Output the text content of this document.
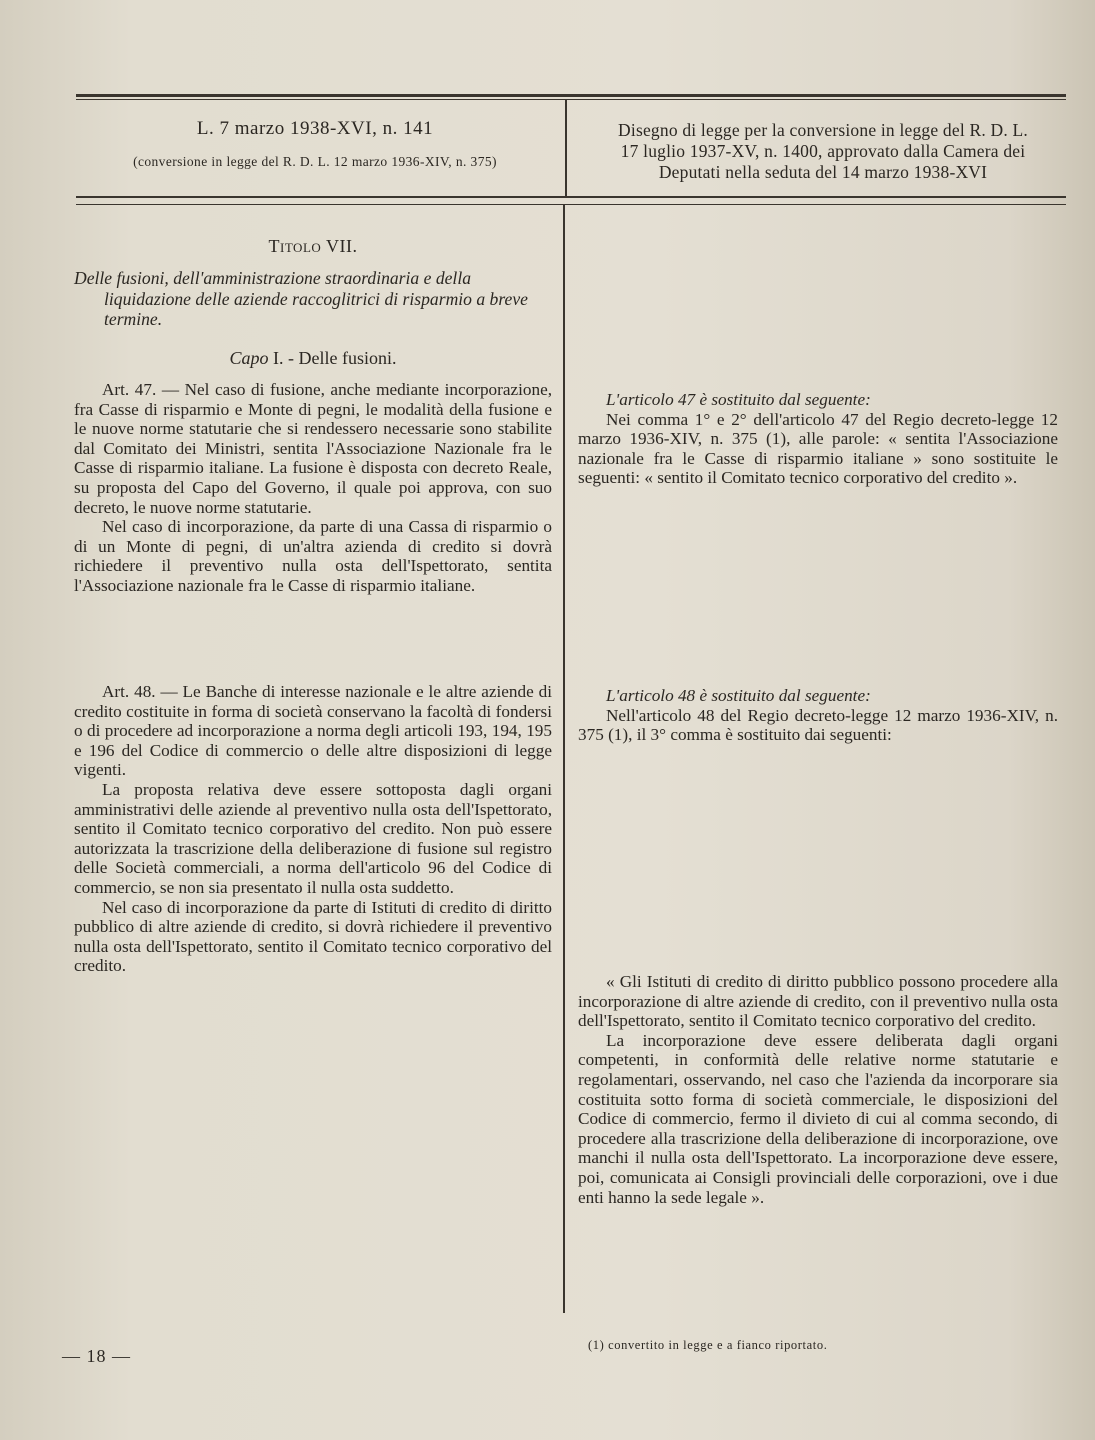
L. 7 marzo 1938-XVI, n. 141
(conversione in legge del R. D. L. 12 marzo 1936-XIV, n. 375)
Disegno di legge per la conversione in legge del R. D. L.
17 luglio 1937-XV, n. 1400, approvato dalla Camera dei
Deputati nella seduta del 14 marzo 1938-XVI
Titolo VII.
Delle fusioni, dell'amministrazione straordinaria e della liquidazione delle aziende raccoglitrici di risparmio a breve termine.
Capo I. - Delle fusioni.

Art. 47. — Nel caso di fusione, anche mediante incorporazione, fra Casse di risparmio e Monte di pegni, le modalità della fusione e le nuove norme statutarie che si rendessero necessarie sono stabilite dal Comitato dei Ministri, sentita l'Associazione Nazionale fra le Casse di risparmio italiane. La fusione è disposta con decreto Reale, su proposta del Capo del Governo, il quale poi approva, con suo decreto, le nuove norme statutarie.

Nel caso di incorporazione, da parte di una Cassa di risparmio o di un Monte di pegni, di un'altra azienda di credito si dovrà richiedere il preventivo nulla osta dell'Ispettorato, sentita l'Associazione nazionale fra le Casse di risparmio italiane.

Art. 48. — Le Banche di interesse nazionale e le altre aziende di credito costituite in forma di società conservano la facoltà di fondersi o di procedere ad incorporazione a norma degli articoli 193, 194, 195 e 196 del Codice di commercio o delle altre disposizioni di legge vigenti.

La proposta relativa deve essere sottoposta dagli organi amministrativi delle aziende al preventivo nulla osta dell'Ispettorato, sentito il Comitato tecnico corporativo del credito. Non può essere autorizzata la trascrizione della deliberazione di fusione sul registro delle Società commerciali, a norma dell'articolo 96 del Codice di commercio, se non sia presentato il nulla osta suddetto.

Nel caso di incorporazione da parte di Istituti di credito di diritto pubblico di altre aziende di credito, si dovrà richiedere il preventivo nulla osta dell'Ispettorato, sentito il Comitato tecnico corporativo del credito.

L'articolo 47 è sostituito dal seguente:

Nei comma 1° e 2° dell'articolo 47 del Regio decreto-legge 12 marzo 1936-XIV, n. 375 (1), alle parole: « sentita l'Associazione nazionale fra le Casse di risparmio italiane » sono sostituite le seguenti: « sentito il Comitato tecnico corporativo del credito ».

L'articolo 48 è sostituito dal seguente:

Nell'articolo 48 del Regio decreto-legge 12 marzo 1936-XIV, n. 375 (1), il 3° comma è sostituito dai seguenti:

« Gli Istituti di credito di diritto pubblico possono procedere alla incorporazione di altre aziende di credito, con il preventivo nulla osta dell'Ispettorato, sentito il Comitato tecnico corporativo del credito.

La incorporazione deve essere deliberata dagli organi competenti, in conformità delle relative norme statutarie e regolamentari, osservando, nel caso che l'azienda da incorporare sia costituita sotto forma di società commerciale, le disposizioni del Codice di commercio, fermo il divieto di cui al comma secondo, di procedere alla trascrizione della deliberazione di incorporazione, ove manchi il nulla osta dell'Ispettorato. La incorporazione deve essere, poi, comunicata ai Consigli provinciali delle corporazioni, ove i due enti hanno la sede legale ».

— 18 —
(1) convertito in legge e a fianco riportato.
